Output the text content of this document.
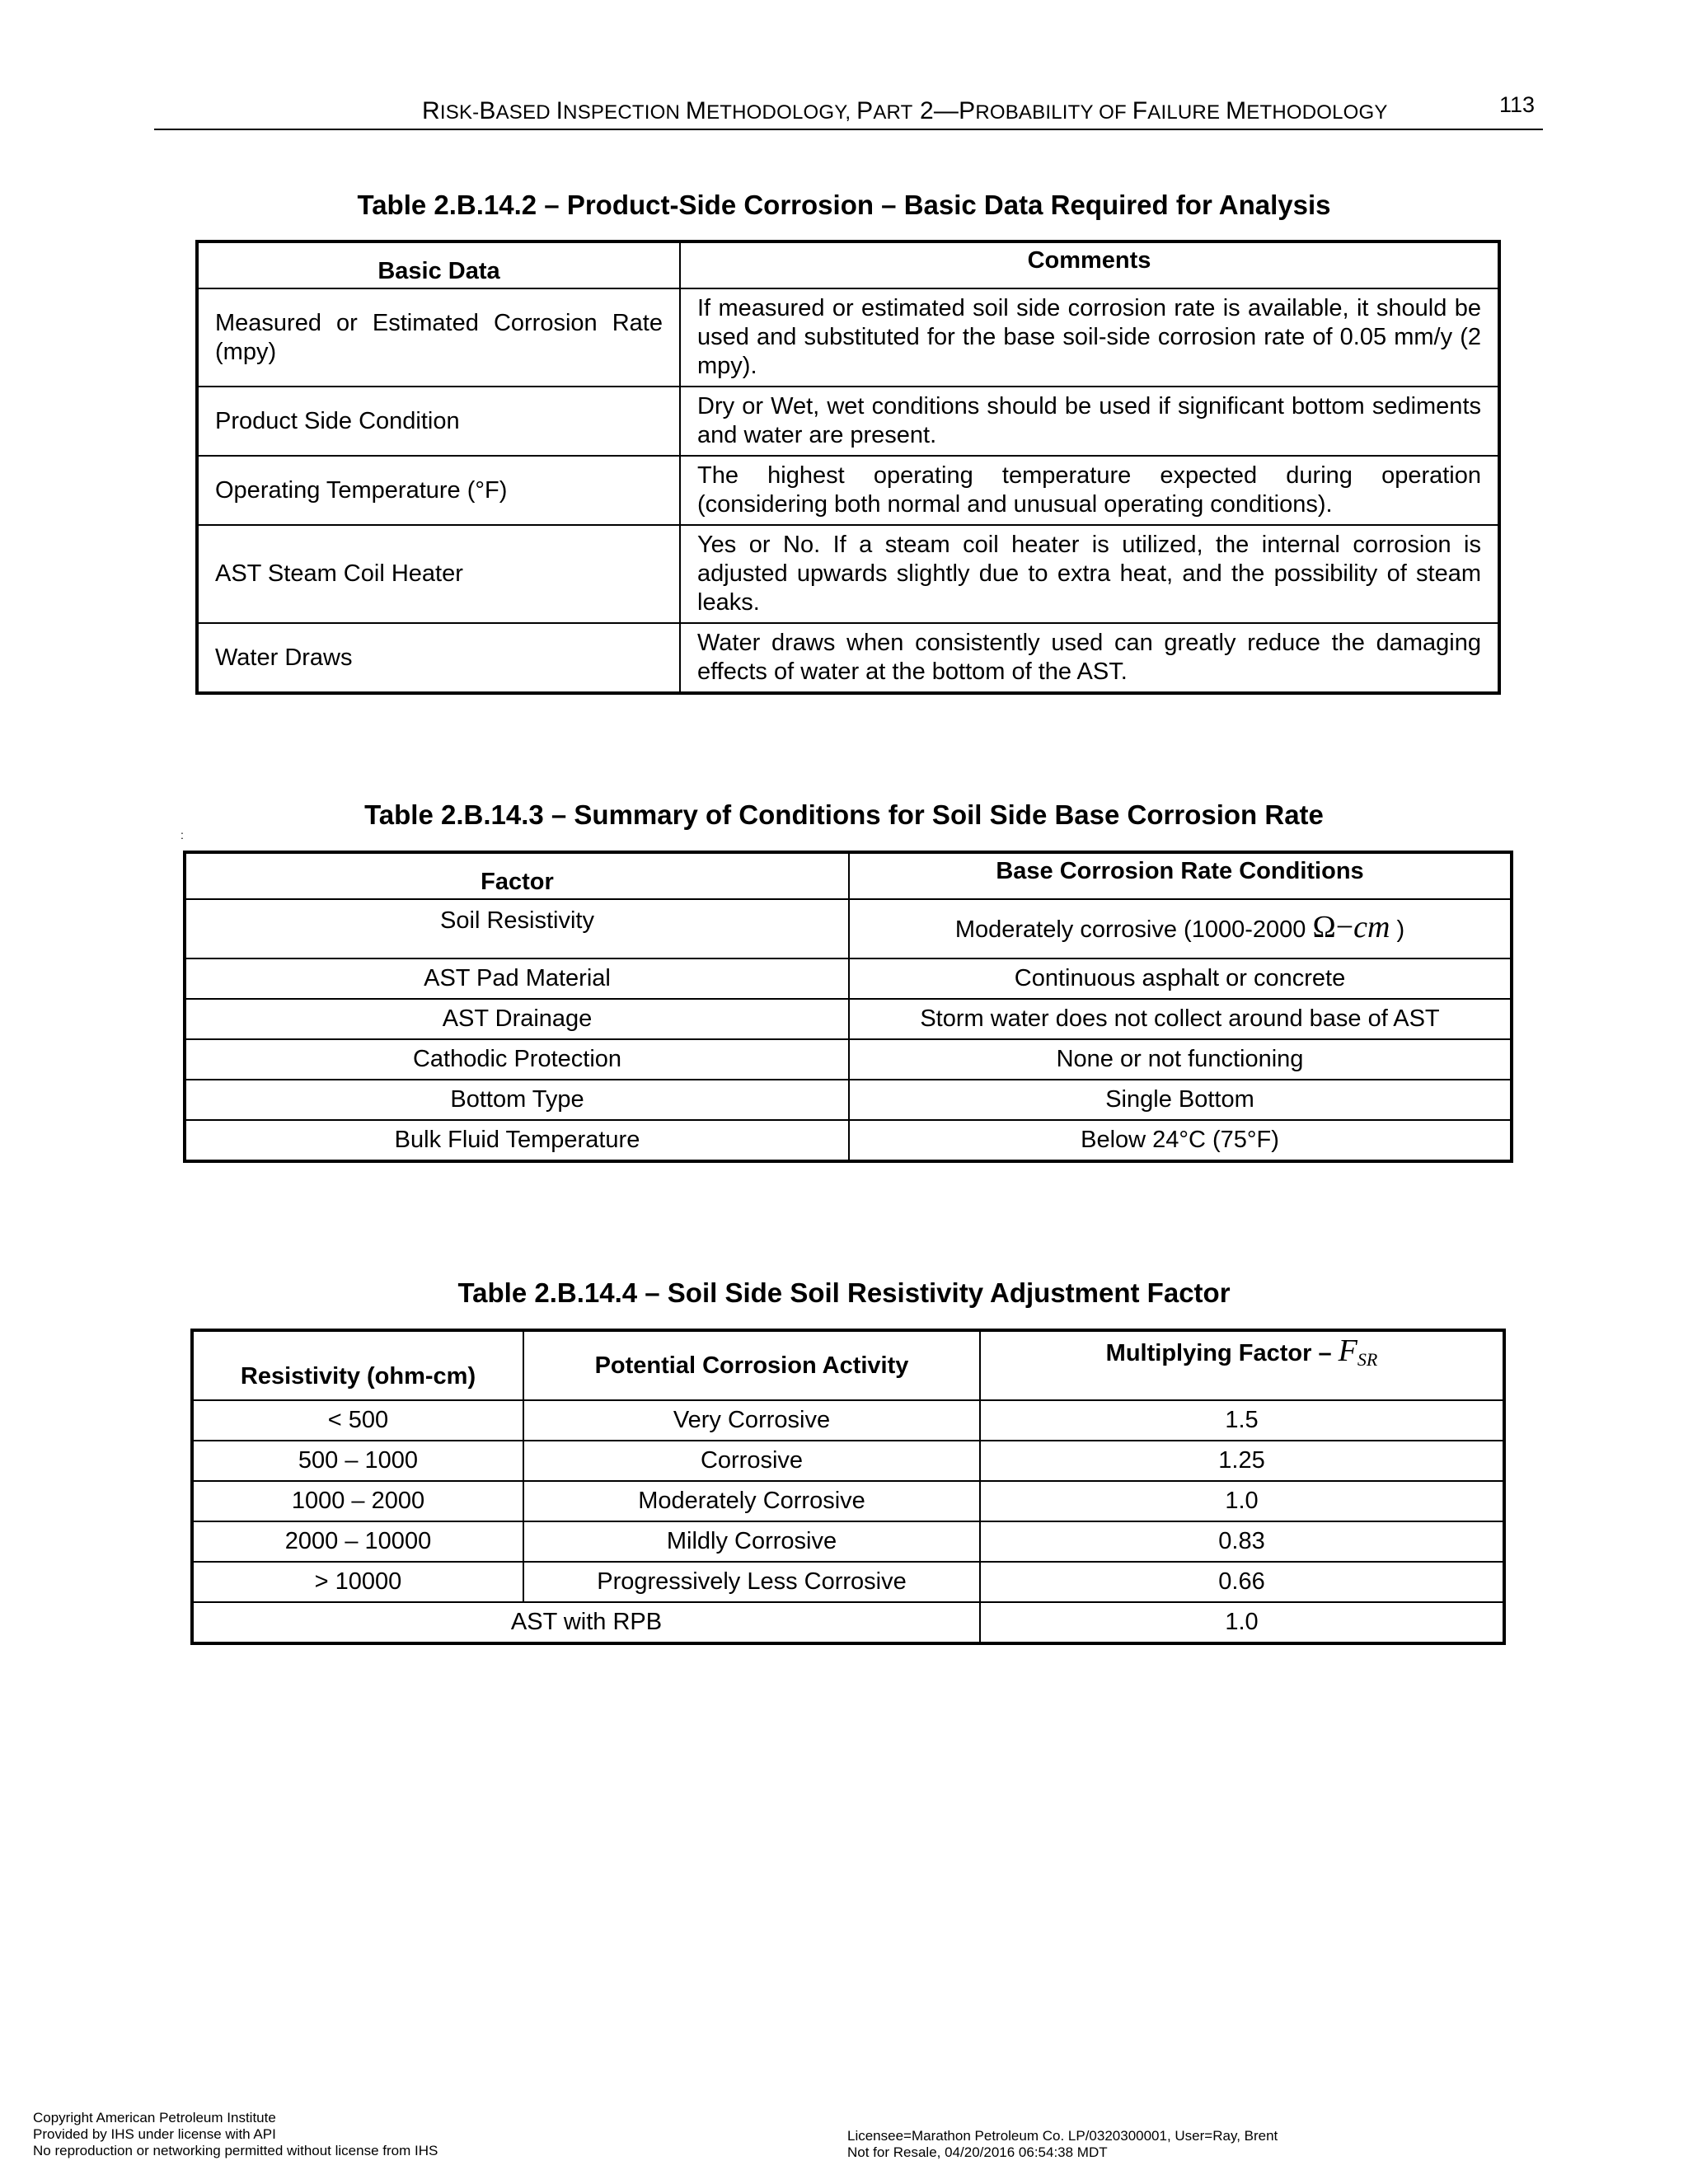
RISK-BASED INSPECTION METHODOLOGY, PART 2—PROBABILITY OF FAILURE METHODOLOGY	113
Table 2.B.14.2 – Product-Side Corrosion – Basic Data Required for Analysis
Basic Data	Comments
Measured or Estimated Corrosion Rate (mpy)	If measured or estimated soil side corrosion rate is available, it should be used and substituted for the base soil-side corrosion rate of 0.05 mm/y (2 mpy).
Product Side Condition	Dry or Wet, wet conditions should be used if significant bottom sediments and water are present.
Operating Temperature (°F)	The highest operating temperature expected during operation (considering both normal and unusual operating conditions).
AST Steam Coil Heater	Yes or No. If a steam coil heater is utilized, the internal corrosion is adjusted upwards slightly due to extra heat, and the possibility of steam leaks.
Water Draws	Water draws when consistently used can greatly reduce the damaging effects of water at the bottom of the AST.
:
Table 2.B.14.3 – Summary of Conditions for Soil Side Base Corrosion Rate
Factor	Base Corrosion Rate Conditions
Soil Resistivity	Moderately corrosive (1000-2000 Ω−cm )
AST Pad Material	Continuous asphalt or concrete
AST Drainage	Storm water does not collect around base of AST
Cathodic Protection	None or not functioning
Bottom Type	Single Bottom
Bulk Fluid Temperature	Below 24°C (75°F)
Table 2.B.14.4 – Soil Side Soil Resistivity Adjustment Factor
Resistivity (ohm-cm)	Potential Corrosion Activity	Multiplying Factor – $F_{SR}$
< 500	Very Corrosive	1.5
500 – 1000	Corrosive	1.25
1000 – 2000	Moderately Corrosive	1.0
2000 – 10000	Mildly Corrosive	0.83
> 10000	Progressively Less Corrosive	0.66
AST with RPB		1.0
Copyright American Petroleum Institute
Provided by IHS under license with API
No reproduction or networking permitted without license from IHS
Licensee=Marathon Petroleum Co. LP/0320300001, User=Ray, Brent
Not for Resale, 04/20/2016 06:54:38 MDT
